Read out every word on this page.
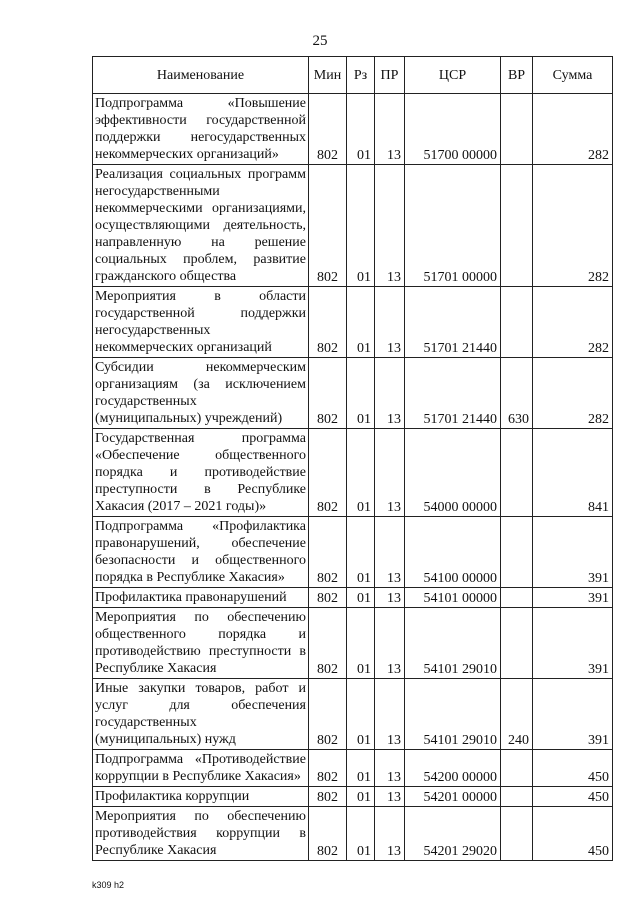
25
Наименование	Мин	Рз	ПР	ЦСР	ВР	Сумма
Подпрограмма «Повышение эффективности государственной поддержки негосударственных некоммерческих организаций»	802	01	13	51700 00000		282
Реализация социальных программ негосударственными некоммерческими организациями, осуществляющими деятельность, направленную на решение социальных проблем, развитие гражданского общества	802	01	13	51701 00000		282
Мероприятия в области государственной поддержки негосударственных некоммерческих организаций	802	01	13	51701 21440		282
Субсидии некоммерческим организациям (за исключением государственных (муниципальных) учреждений)	802	01	13	51701 21440	630	282
Государственная программа «Обеспечение общественного порядка и противодействие преступности в Республике Хакасия (2017 – 2021 годы)»	802	01	13	54000 00000		841
Подпрограмма «Профилактика правонарушений, обеспечение безопасности и общественного порядка в Республике Хакасия»	802	01	13	54100 00000		391
Профилактика правонарушений	802	01	13	54101 00000		391
Мероприятия по обеспечению общественного порядка и противодействию преступности в Республике Хакасия	802	01	13	54101 29010		391
Иные закупки товаров, работ и услуг для обеспечения государственных (муниципальных) нужд	802	01	13	54101 29010	240	391
Подпрограмма «Противодействие коррупции в Республике Хакасия»	802	01	13	54200 00000		450
Профилактика коррупции	802	01	13	54201 00000		450
Мероприятия по обеспечению противодействия коррупции в Республике Хакасия	802	01	13	54201 29020		450
k309 h2
